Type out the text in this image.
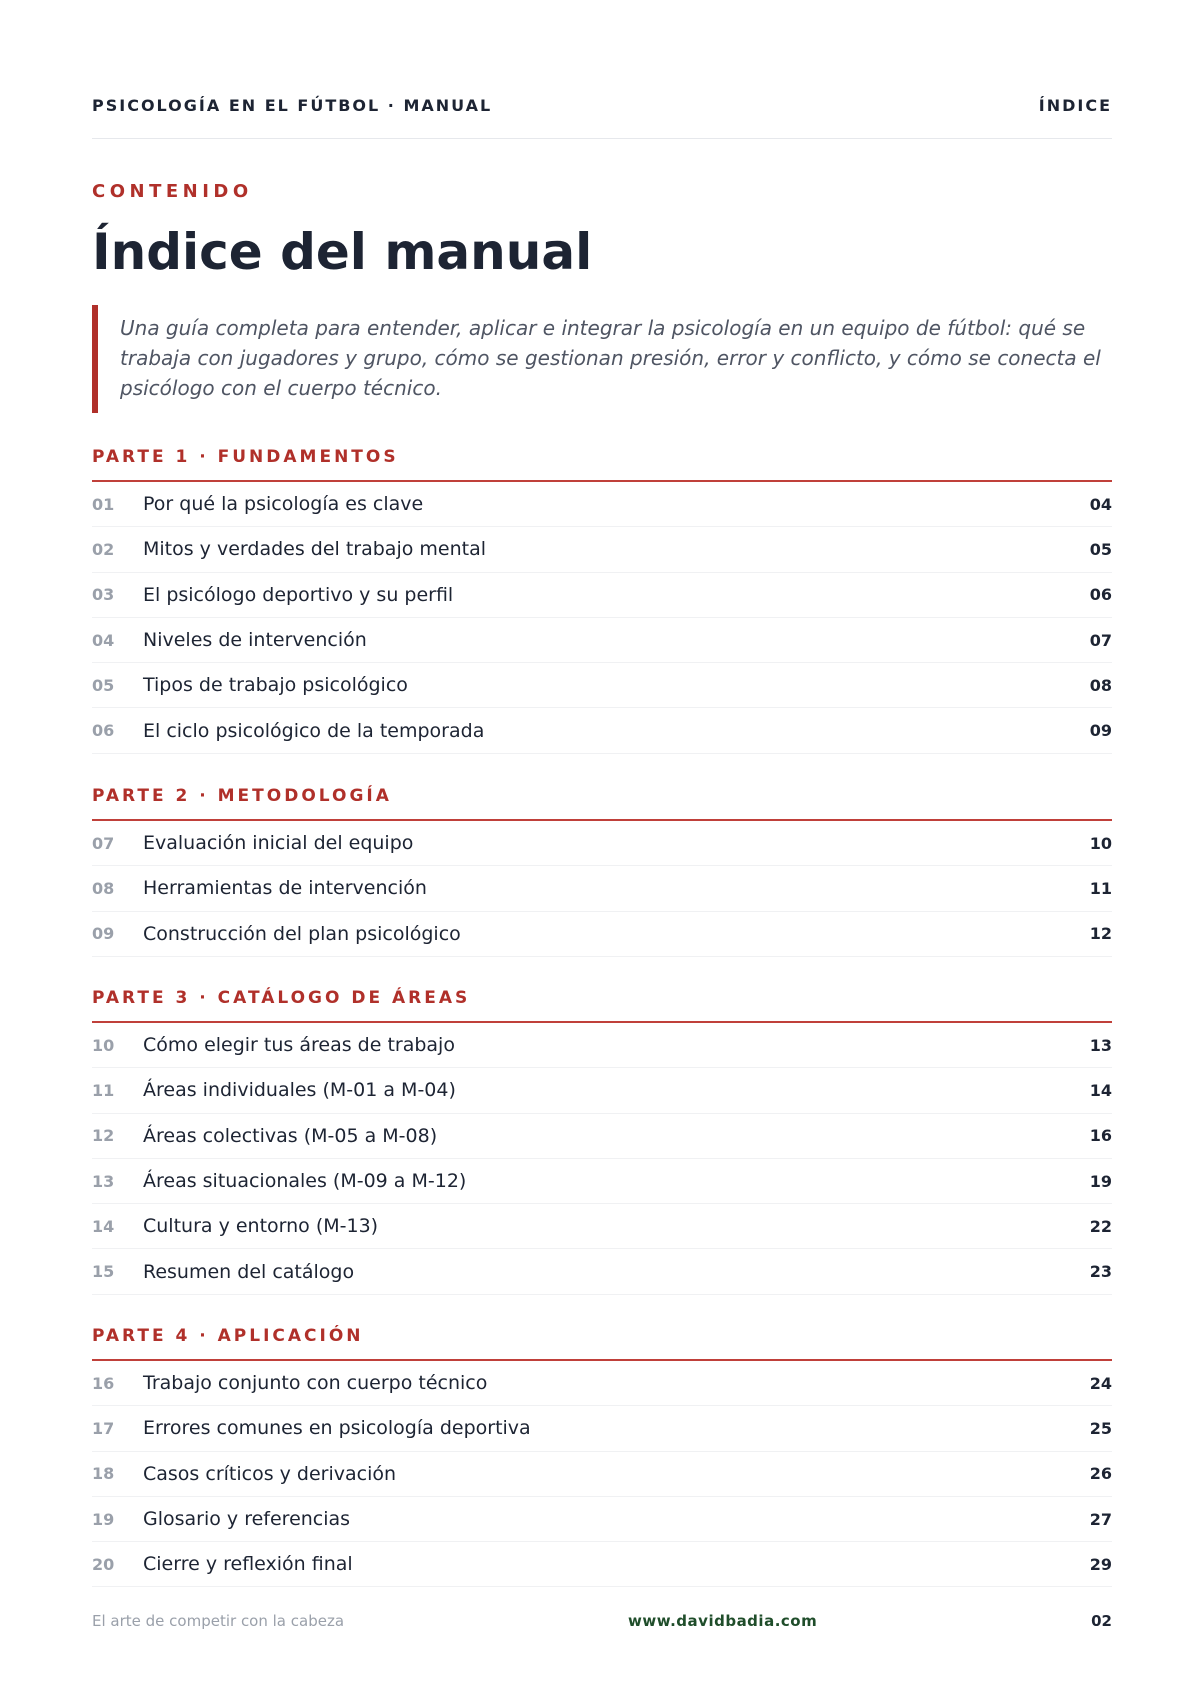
PSICOLOGÍA EN EL FÚTBOL · MANUAL	ÍNDICE
CONTENIDO
Índice del manual
Una guía completa para entender, aplicar e integrar la psicología en un equipo de fútbol: qué se trabaja con jugadores y grupo, cómo se gestionan presión, error y conflicto, y cómo se conecta el psicólogo con el cuerpo técnico.
PARTE 1 · FUNDAMENTOS
01	Por qué la psicología es clave	04
02	Mitos y verdades del trabajo mental	05
03	El psicólogo deportivo y su perfil	06
04	Niveles de intervención	07
05	Tipos de trabajo psicológico	08
06	El ciclo psicológico de la temporada	09
PARTE 2 · METODOLOGÍA
07	Evaluación inicial del equipo	10
08	Herramientas de intervención	11
09	Construcción del plan psicológico	12
PARTE 3 · CATÁLOGO DE ÁREAS
10	Cómo elegir tus áreas de trabajo	13
11	Áreas individuales (M-01 a M-04)	14
12	Áreas colectivas (M-05 a M-08)	16
13	Áreas situacionales (M-09 a M-12)	19
14	Cultura y entorno (M-13)	22
15	Resumen del catálogo	23
PARTE 4 · APLICACIÓN
16	Trabajo conjunto con cuerpo técnico	24
17	Errores comunes en psicología deportiva	25
18	Casos críticos y derivación	26
19	Glosario y referencias	27
20	Cierre y reflexión final	29
El arte de competir con la cabeza	www.davidbadia.com	02
